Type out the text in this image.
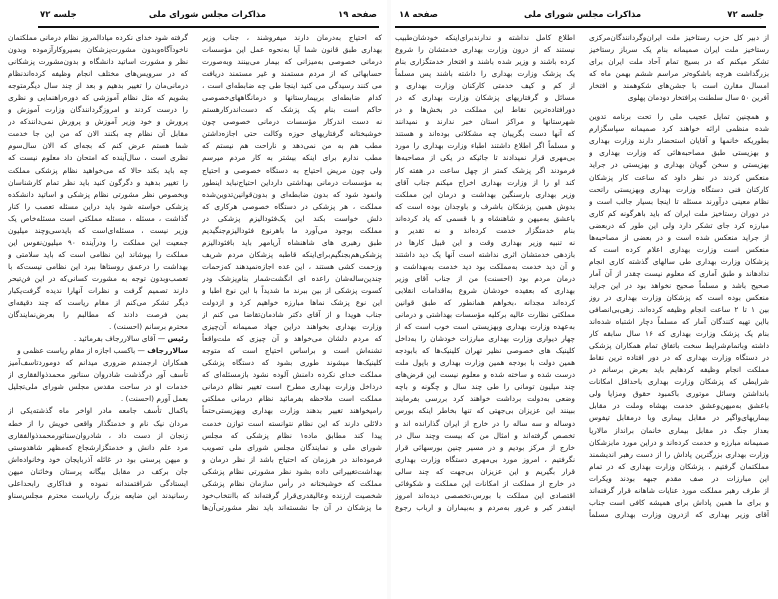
صفحه ۱۹
مذاکرات مجلس شورای ملی
جلسه ۷۲
گرفته شود خدای نکرده میادالمروز نظام درمانی مملکتمان
ناخودآگاه‌وبدون مشورت‌پزشکان بصیروکارآزموده وبدون
نظر و مشورت اساتید دانشگاه و بدون‌مشورت پزشکانی
که در سرویس‌های مختلف انجام وظیفه کرده‌اندنظام
درمانی‌مان را تغییر بدهیم و بعد از چند سال دیگرمتوجه
بشویم که مثل نظام آموزشی که دوره‌راهنمایی و نظری
را درست کردند و امروزگردانندگان وزارت آموزش و
پرورش و خود وزیر آموزش و پرورش نمی‌دانند‌که در
مقابل آن نظام چه بکنند الان که من این جا خدمت
شما هستم عرض کنم که بجه‌ای که الان سال‌سوم
نظری است ، سال‌آینده که امتحان داد معلوم نیست که
چه باید بکند حالا که می‌خواهید نظام پزشکی مملکت
را تغییر بدهید و دگرگون کنید باید نظر تمام کارشناسان
وبخصوص نظر مشورتی نظام پزشکی و اساتید دانشکده
پزشکی خواسته شود باید دراین مسئله تعصب را کنار
گذاشت ، مسئله ، مسئله مملکتی است مسئله‌خاص یک
وزیر نیست ، مسئله‌ای‌است که بایدسی‌وچند میلیون
جمعیت این مملکت را ودرآینده ۹۰ میلیون‌نفوس این
مملکت را بپوشاند این نظامی است که باید سلامتی و
بهداشت را درعمق روستاها ببرد این نظامی نیست‌که با
تعصب‌وبدون توجه به مشورت کسانی‌که در این فن‌تبحر
دارند تصمیم گرفت و نظرات آنهارا ندیده گرفت‌یکبار
دیگر تشکر می‌کنم از مقام ریاست که چند دقیقه‌ای
بمن فرصت دادند که مطالبم را بعرض‌نمایندگان
محترم برسانم (احسنت) .
رئیس — آقای سالاررجاف بفرمائید .
سالاررجاف — باکسب اجازه از مقام ریاست عظمی و
همکاران ارجمندم ضروری میدانم که دوموردتاسف‌آمیز
تأسف آور درگذشت شادروان سناتور محمدذوالفقاری از
خدمات او در ساحت مقدس مجلس شورای ملی‌تجلیل
بعمل آورم (احسنت) .
باکمال تأسف جامعه مادر اواخر ماه گذشته‌یکی از
مردان نیک نام و خدمتگذار واقعی خویش را از خطه
زنجان از دست داد ، شادروان‌سناتورمحمدذوالفقاری
مرد علم دانش و خدمتگزارشجاع که‌مظهر شاهدوستی
و میهن پرستی بود در غائله آذربایجان خود وخانواده‌اش
جان برکف در مقابل بیگانه پرستان وخائنان میهن
ایستادگی شرافتمندانه نموده و فداکاری رابحداعلی
رسانیدند این ضایعه بزرگ راریاست محترم مجلس‌سناو
که احتیاج به‌درمان دارند میفروشند ، جناب وزیر
بهداری طبق قانون شما آیا به‌نحوه عمل این مؤسسات
درمانی خصوصی به‌میزانی که بیمار می‌بینند وبه‌صورت
حسابهائی که از مردم مستمند و غیر مستمند دریافت
می کنند رسیدگی می کنید اینجا طی چه ضابطه‌ای است ،
کدام ضابطه‌ای بربیمارستانها و درمانگاههای‌خصوصی
حاکم است بنام یک پزشک که دست‌اندرکارهستم
نه دست اندرکار مؤسسات درمانی خصوصی چون
خوشبختانه گرفتاریهای حوزه وکالت حتی اجازه‌داشتن
مطب هم به من نمی‌دهد و ناراحت هم نیستم که
مطب ندارم برای اینکه بیشتر به کار مردم میرسم
ولی چون مریض احتیاج به دستگاه خصوصی و احتیاج
به مؤسسات درمانی بهداشتی دارد‌این احتیاج‌نباید اینطور
وانمود شود که بدون ضابطه‌ای و بدون‌قوانین‌تدوین‌شده
مملکت ، هر پزشکی در دستگاه خصوصی هرکاری که
دلش خواست بکند این یک‌فئودالیزم پزشکی در
مملکت بوجود می‌آورد ما باهرنوع فئودالیزم‌جنگیدیم
طبق رهبری های شاهنشاه آریامهر باید بافئودالیزم
پزشکی‌هم‌بجنگیم‌برای‌اینکه قاطبه پزشکان مردم شریف
وزحمت کشی هستند ، این عده اجازه‌نمیدهند که‌زحمات
چندین‌ساله‌شان راعده ای انگشت‌شمار بنام‌پزشک ودر
کسوت پزشکی از بین ببرند ما شدیداً با این نوع اطبا و
این نوع پزشک نماها مبارزه خواهیم کرد و ازدولت
جناب هویدا و از آقای دکتر شادمان‌تقاضا می کنم از
وزارت بهداری بخواهند دراین جهاد صمیمانه آن‌چیزی
که مردم دلشان می‌خواهد و آن چیزی که ملت‌واقعاً
تشنه‌اش است و براساس احتیاج است که متوجه
کلینیک‌ها میشوند طوری بشود که دستگاه پزشکی
مملکت خدای نکرده دامنش آلوده نشود بازمسئله‌ای که
درداخل وزارت بهداری مطرح است تغییر نظام درمانی
مملکت است ملاحظه بفرمائید نظام درمانی مملکتی
رامیخواهند تغییر بدهند وزارت بهداری وبهزیستی‌حتماً
دلائلی دارند که این نظام نتوانسته است توازن خدمت
پیدا کند مطابق ماده۱ نظام پزشکی که مجلس
شورای ملی و نمایندگان مجلس شورای ملی تصویب
فرموده‌اند در هرزمان که احتیاج باشد از نظر درمان و
بهداشت‌تغییراتی داده بشود نظر مشورتی نظام پزشکی
مملکت که خوشبختانه در رأس سازمان نظام پزشکی
شخصیت ارزنده وعالیقدری‌قرار گرفته‌اند که باانتخاب‌خود
ما پزشکان در آن جا نشسته‌اند باید نظر مشورتی‌آن‌ها
جلسه ۷۲
مذاکرات مجلس شورای ملی
صفحه ۱۸
اطلاع کامل نداشته و ندارندبرای‌اینکه خودشان‌طبیب
نیستند که از درون وزارت بهداری خدمتشان را شروع
کرده باشند و وزیر شده باشند و افتخار خدمتگزاری بنام
یک پزشک وزارت بهداری را داشته باشند پس مسلماً
از کم و کیف خدمتی کارکنان وزارت بهداری و
مسائل و گرفتاریهای پزشکان وزارت بهداری که در
دورافتاده‌ترین نقاط این مملکت در بخش‌ها و در
شهرستانها و مراکز استان خبر ندارند و نمیدانند
که آنها دست بگریبان چه مشکلاتی بوده‌اند و هستند
و مسلماً اگر اطلاع داشتند اطباء وزارت بهداری را مورد
بی‌مهری قرار نمیدادند تا جائیکه در یکی از مصاحبه‌ها
فرمودند اگر پزشک کمتر از چهل ساعت در هفته کار
کند او را از وزارت بهداری اخراج میکنم جناب آقای
وزیر بهداری بارسنگین بهداشت و درمان این مملکت
بدوش همین پزشکان باشرف و باوجدان بوده است که
باعشق به‌میهن و شاهنشاه و با قسمی که یاد کرده‌اند
بنام خدمتگزار خدمت کرده‌اند و نه تقدیر و
نه تنبیه وزیر بهداری وقت و این قبیل کارها در
بازدهی خدمتشان اثری نداشته است آنها یک دید داشتند
و آن دید خدمت به‌مملکت بود دید خدمت به‌بهداشت و
درمان مردم بود (احسنت) من از جناب آقای وزیر
بهداری که بعقیده خودشان شروع به‌اقدامات انقلابی
کرده‌اند مجدانه ،بخواهم همانطور که طبق قوانین
مملکتی نظارت عالیه برکلیه مؤسسات بهداشتی و درمانی
به‌عهده وزارت بهداری وبهزیستی است خوب است که از
چهار دیواری وزارت بهداری مبارزات خودشان را به‌داخل
کلینیک های خصوصی نظیر تهران کلینیک‌ها که بابودجه
همین دولت با بودجه همین وزارت بهداری و باپول ملت
درست شده و ساخته شده و معلوم نیست این قرض‌های
چند میلیون تومانی را طی چند سال و چگونه و باچه
وضعی به‌دولت برداشت خواهند کرد بررسی بفرمایند
ببینند این عزیزان بی‌جهتی که تنها بخاطر اینکه بورس
دوساله و سه ساله را در خارج از ایران گذارانده اند و
تخصص گرفته‌اند و امثال من که بیست وچند سال در
خارج از مرکز بودیم و در مسیر چنین بورسهائی قرار
نگرفتیم ، امروز مورد بی‌مهری دستگاه وزارت بهداری
قرار بگیریم و این عزیزان بی‌جهت که چند سالی
در خارج از مملکت از امکانات این مملکت و شکوفائی
اقتصادی این مملکت با بورس،تخصصی دیده‌اند امروز
اینقدر کبر و غرور به‌مردم و به‌بیماران و ارباب رجوع
از دبیر کل حزب رستاخیز ملت ایران‌وگردانندگان‌مرکزی
رستاخیز ملت ایران صمیمانه بنام یک سرباز رستاخیز
تشکر میکنم که در بسیج تمام آحاد ملت ایران برای
بزرگداشت هرچه باشکوه‌تر مراسم ششم بهمن ماه که
امسال مقارن است با جشن‌های شکوهمند و افتخار
آفرین ۵۰ سال سلطنت پرافتخار دودمان پهلوی
و همچنین تمایل عجیب ملی را تحت برنامه تدوین
شده منظمی ارائه خواهند کرد صمیمانه سپاسگزارم
بطوریکه خانمها و آقایان استحضار دارند وزارت بهداری
و بهزیستی طبق مصاحبه‌هائی که وزارت بهداری و
بهزیستی و سخن گویان بهداری و بهزیستی در جراید
منعکس کردند در نظر داود که ساعت کار پزشکان
کارکنان فنی دستگاه وزارت بهداری وبهزیستی راتحت
نظام معینی درآورند مسئله تا اینجا بسیار جالب است و
در دوران رستاخیز ملت ایران که باید باهرگونه کم کاری
مبارزه کرد جای تشکر دارد ولی این طور که دربعضی
از جراید منعکس شده است و در بعضی از مصاحبه‌ها
منعکس است وزارت بهداری اعلام کرده است که
پزشکان وزارت بهداری طی سالهای گذشته کاری انجام
ندادهاند و طبق آماری که معلوم نیست چقدر از آن آمار
صحیح باشد و مسلماً صحیح نخواهد بود در این جراید
منعکس بوده است که پزشکان وزارت بهداری در روز
بین ۱ تا ۲ ساعت انجام وظیفه کرده‌اند. زهی‌بی‌انصافی
بااین تهیه کنندگان آمار که مسلماً دچار اشتباه شده‌اند
بنام یک پزشک وزارت بهداری که ۱۶ سال سابقه کار
داشته وباتمام‌شرایط سخت باتفاق تمام همکاران پزشکی
در دستگاه وزارت بهداری که در دور افتاده ترین نقاط
مملکت انجام وظیفه کردهایم باید بعرض برسانم در
شرایطی که پزشکان وزارت بهداری باحداقل امکانات
بانداشتن وسائل موتوری باکمبود حقوق ومزایا ولی
باعشق به‌میهن‌وعشق خدمت بهشاه وملت در مقابل
بیماریهای‌واگیر در مقابل بیماری وبا درمقابل تیفوس
بعداز جنگ در مقابل بیماری خانمان برانداز مالاریا
صمیمانه مبارزه و خدمت کرده‌اند و دراین مورد مابزشکان
وزارت بهداری بزرگترین پاداش را از دست رهبر انديشمند
مملکتمان گرفتیم ، پزشکان وزارت بهداری که در تمام
این مبارزات در صف مقدم جبهه بودند ویکرات
از طرف رهبر مملکت مورد عنایات شاهانه قرار گرفته‌اند
و برای ما همین پاداش برای همیشه کافی است جناب
آقای وزیر بهداری که ازدرون وزارت بهداری مسلماً
